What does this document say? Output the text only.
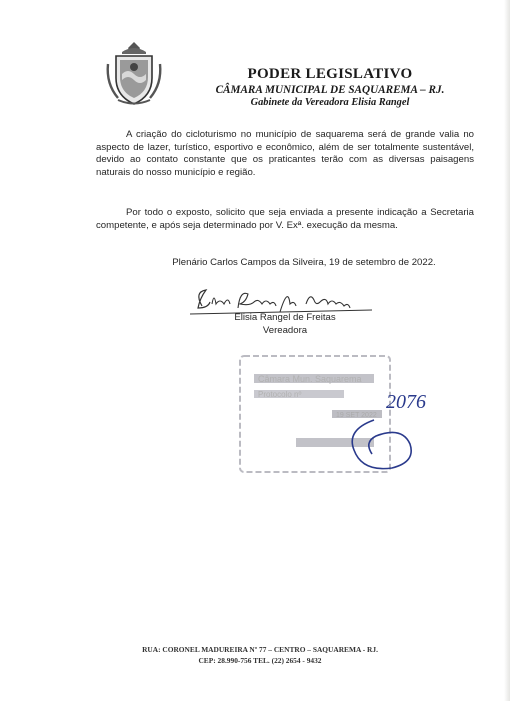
PODER LEGISLATIVO
CÂMARA MUNICIPAL DE SAQUAREMA – RJ.
Gabinete da Vereadora Elisia Rangel
A criação do cicloturismo no município de saquarema será de grande valia no aspecto de lazer, turístico, esportivo e econômico, além de ser totalmente sustentável, devido ao contato constante que os praticantes terão com as diversas paisagens naturais do nosso município e região.
Por todo o exposto, solicito que seja enviada a presente indicação a Secretaria competente, e após seja determinado por V. Exª. execução da mesma.
Plenário Carlos Campos da Silveira, 19 de setembro de 2022.
Elisia Rangel de Freitas
Vereadora
Câmara Mun. Saquarema
Protocolo nº
19 SET 2022
2076
RUA: CORONEL MADUREIRA Nº 77 – CENTRO – SAQUAREMA - RJ.
CEP: 28.990-756 TEL. (22) 2654 - 9432
